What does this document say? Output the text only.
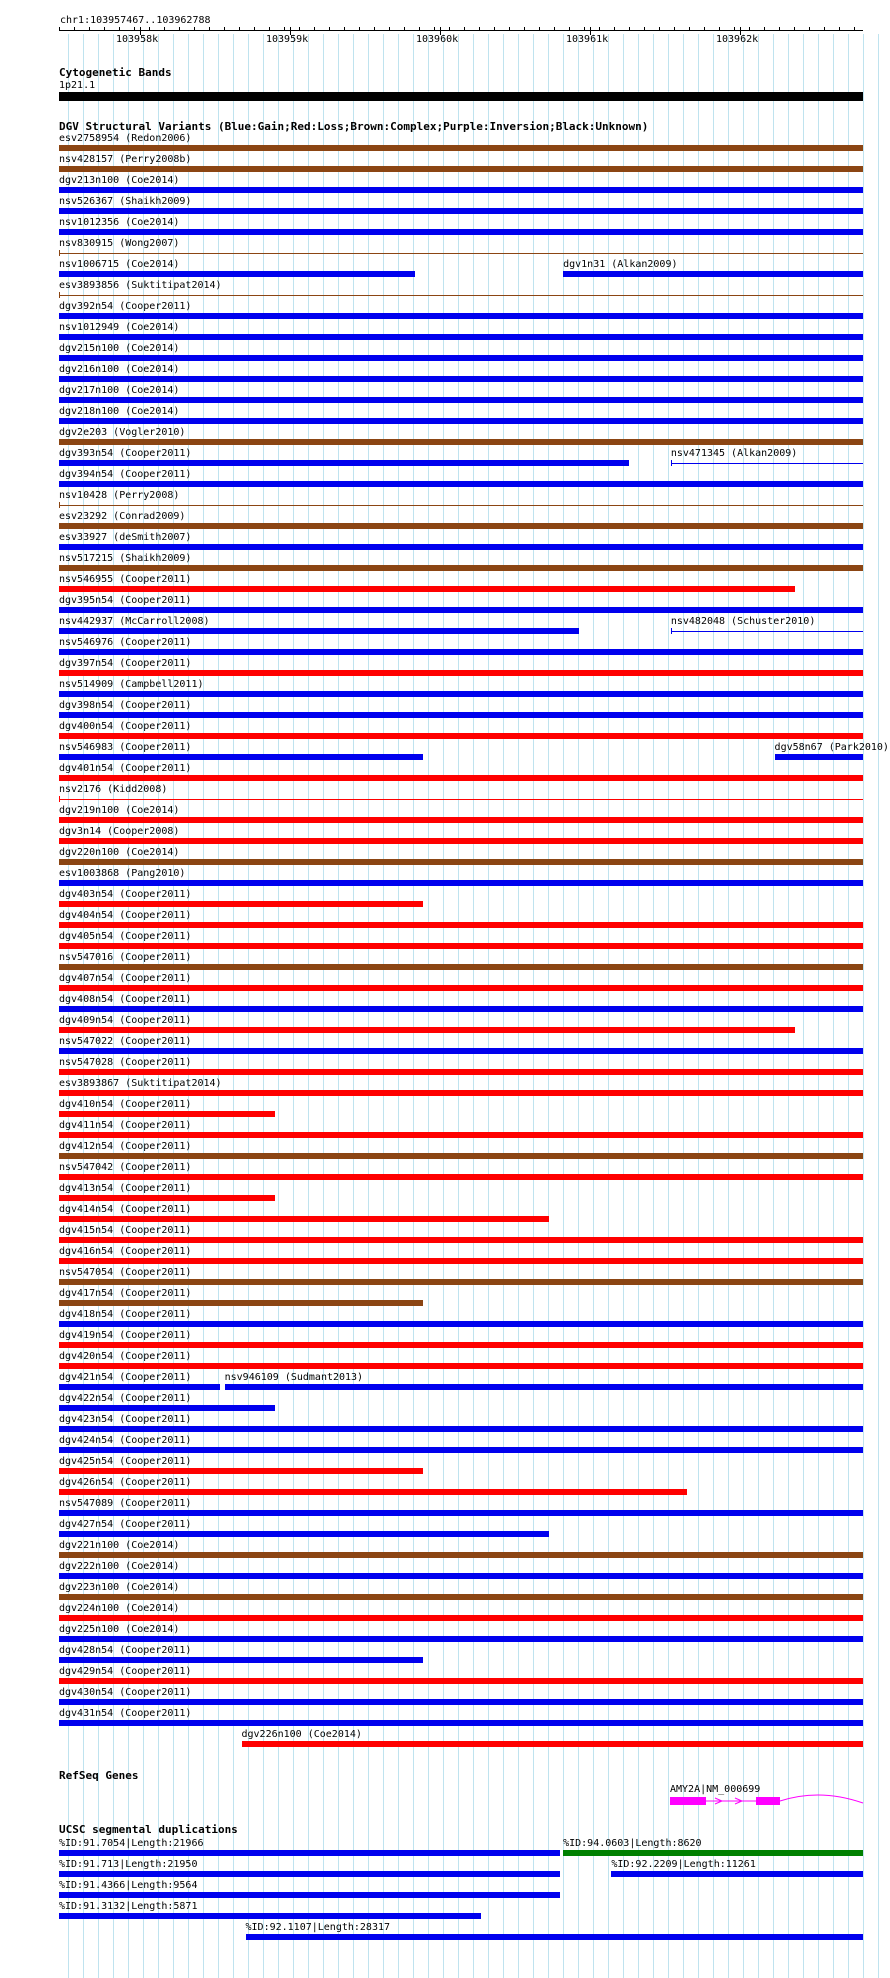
chr1:103957467..103962788
103958k	103959k	103960k	103961k	103962k
Cytogenetic Bands
1p21.1
DGV Structural Variants (Blue:Gain;Red:Loss;Brown:Complex;Purple:Inversion;Black:Unknown)
esv2758954 (Redon2006)
nsv428157 (Perry2008b)
dgv213n100 (Coe2014)
nsv526367 (Shaikh2009)
nsv1012356 (Coe2014)
nsv830915 (Wong2007)
nsv1006715 (Coe2014)	dgv1n31 (Alkan2009)
esv3893856 (Suktitipat2014)
dgv392n54 (Cooper2011)
nsv1012949 (Coe2014)
dgv215n100 (Coe2014)
dgv216n100 (Coe2014)
dgv217n100 (Coe2014)
dgv218n100 (Coe2014)
dgv2e203 (Vogler2010)
dgv393n54 (Cooper2011)	nsv471345 (Alkan2009)
dgv394n54 (Cooper2011)
nsv10428 (Perry2008)
esv23292 (Conrad2009)
esv33927 (deSmith2007)
nsv517215 (Shaikh2009)
nsv546955 (Cooper2011)
dgv395n54 (Cooper2011)
nsv442937 (McCarroll2008)	nsv482048 (Schuster2010)
nsv546976 (Cooper2011)
dgv397n54 (Cooper2011)
nsv514909 (Campbell2011)
dgv398n54 (Cooper2011)
dgv400n54 (Cooper2011)
nsv546983 (Cooper2011)	dgv58n67 (Park2010)
dgv401n54 (Cooper2011)
nsv2176 (Kidd2008)
dgv219n100 (Coe2014)
dgv3n14 (Cooper2008)
dgv220n100 (Coe2014)
esv1003868 (Pang2010)
dgv403n54 (Cooper2011)
dgv404n54 (Cooper2011)
dgv405n54 (Cooper2011)
nsv547016 (Cooper2011)
dgv407n54 (Cooper2011)
dgv408n54 (Cooper2011)
dgv409n54 (Cooper2011)
nsv547022 (Cooper2011)
nsv547028 (Cooper2011)
esv3893867 (Suktitipat2014)
dgv410n54 (Cooper2011)
dgv411n54 (Cooper2011)
dgv412n54 (Cooper2011)
nsv547042 (Cooper2011)
dgv413n54 (Cooper2011)
dgv414n54 (Cooper2011)
dgv415n54 (Cooper2011)
dgv416n54 (Cooper2011)
nsv547054 (Cooper2011)
dgv417n54 (Cooper2011)
dgv418n54 (Cooper2011)
dgv419n54 (Cooper2011)
dgv420n54 (Cooper2011)
dgv421n54 (Cooper2011)	nsv946109 (Sudmant2013)
dgv422n54 (Cooper2011)
dgv423n54 (Cooper2011)
dgv424n54 (Cooper2011)
dgv425n54 (Cooper2011)
dgv426n54 (Cooper2011)
nsv547089 (Cooper2011)
dgv427n54 (Cooper2011)
dgv221n100 (Coe2014)
dgv222n100 (Coe2014)
dgv223n100 (Coe2014)
dgv224n100 (Coe2014)
dgv225n100 (Coe2014)
dgv428n54 (Cooper2011)
dgv429n54 (Cooper2011)
dgv430n54 (Cooper2011)
dgv431n54 (Cooper2011)
dgv226n100 (Coe2014)
RefSeq Genes
AMY2A|NM_000699
UCSC segmental duplications
%ID:91.7054|Length:21966	%ID:94.0603|Length:8620
%ID:91.713|Length:21950	%ID:92.2209|Length:11261
%ID:91.4366|Length:9564
%ID:91.3132|Length:5871
%ID:92.1107|Length:28317
